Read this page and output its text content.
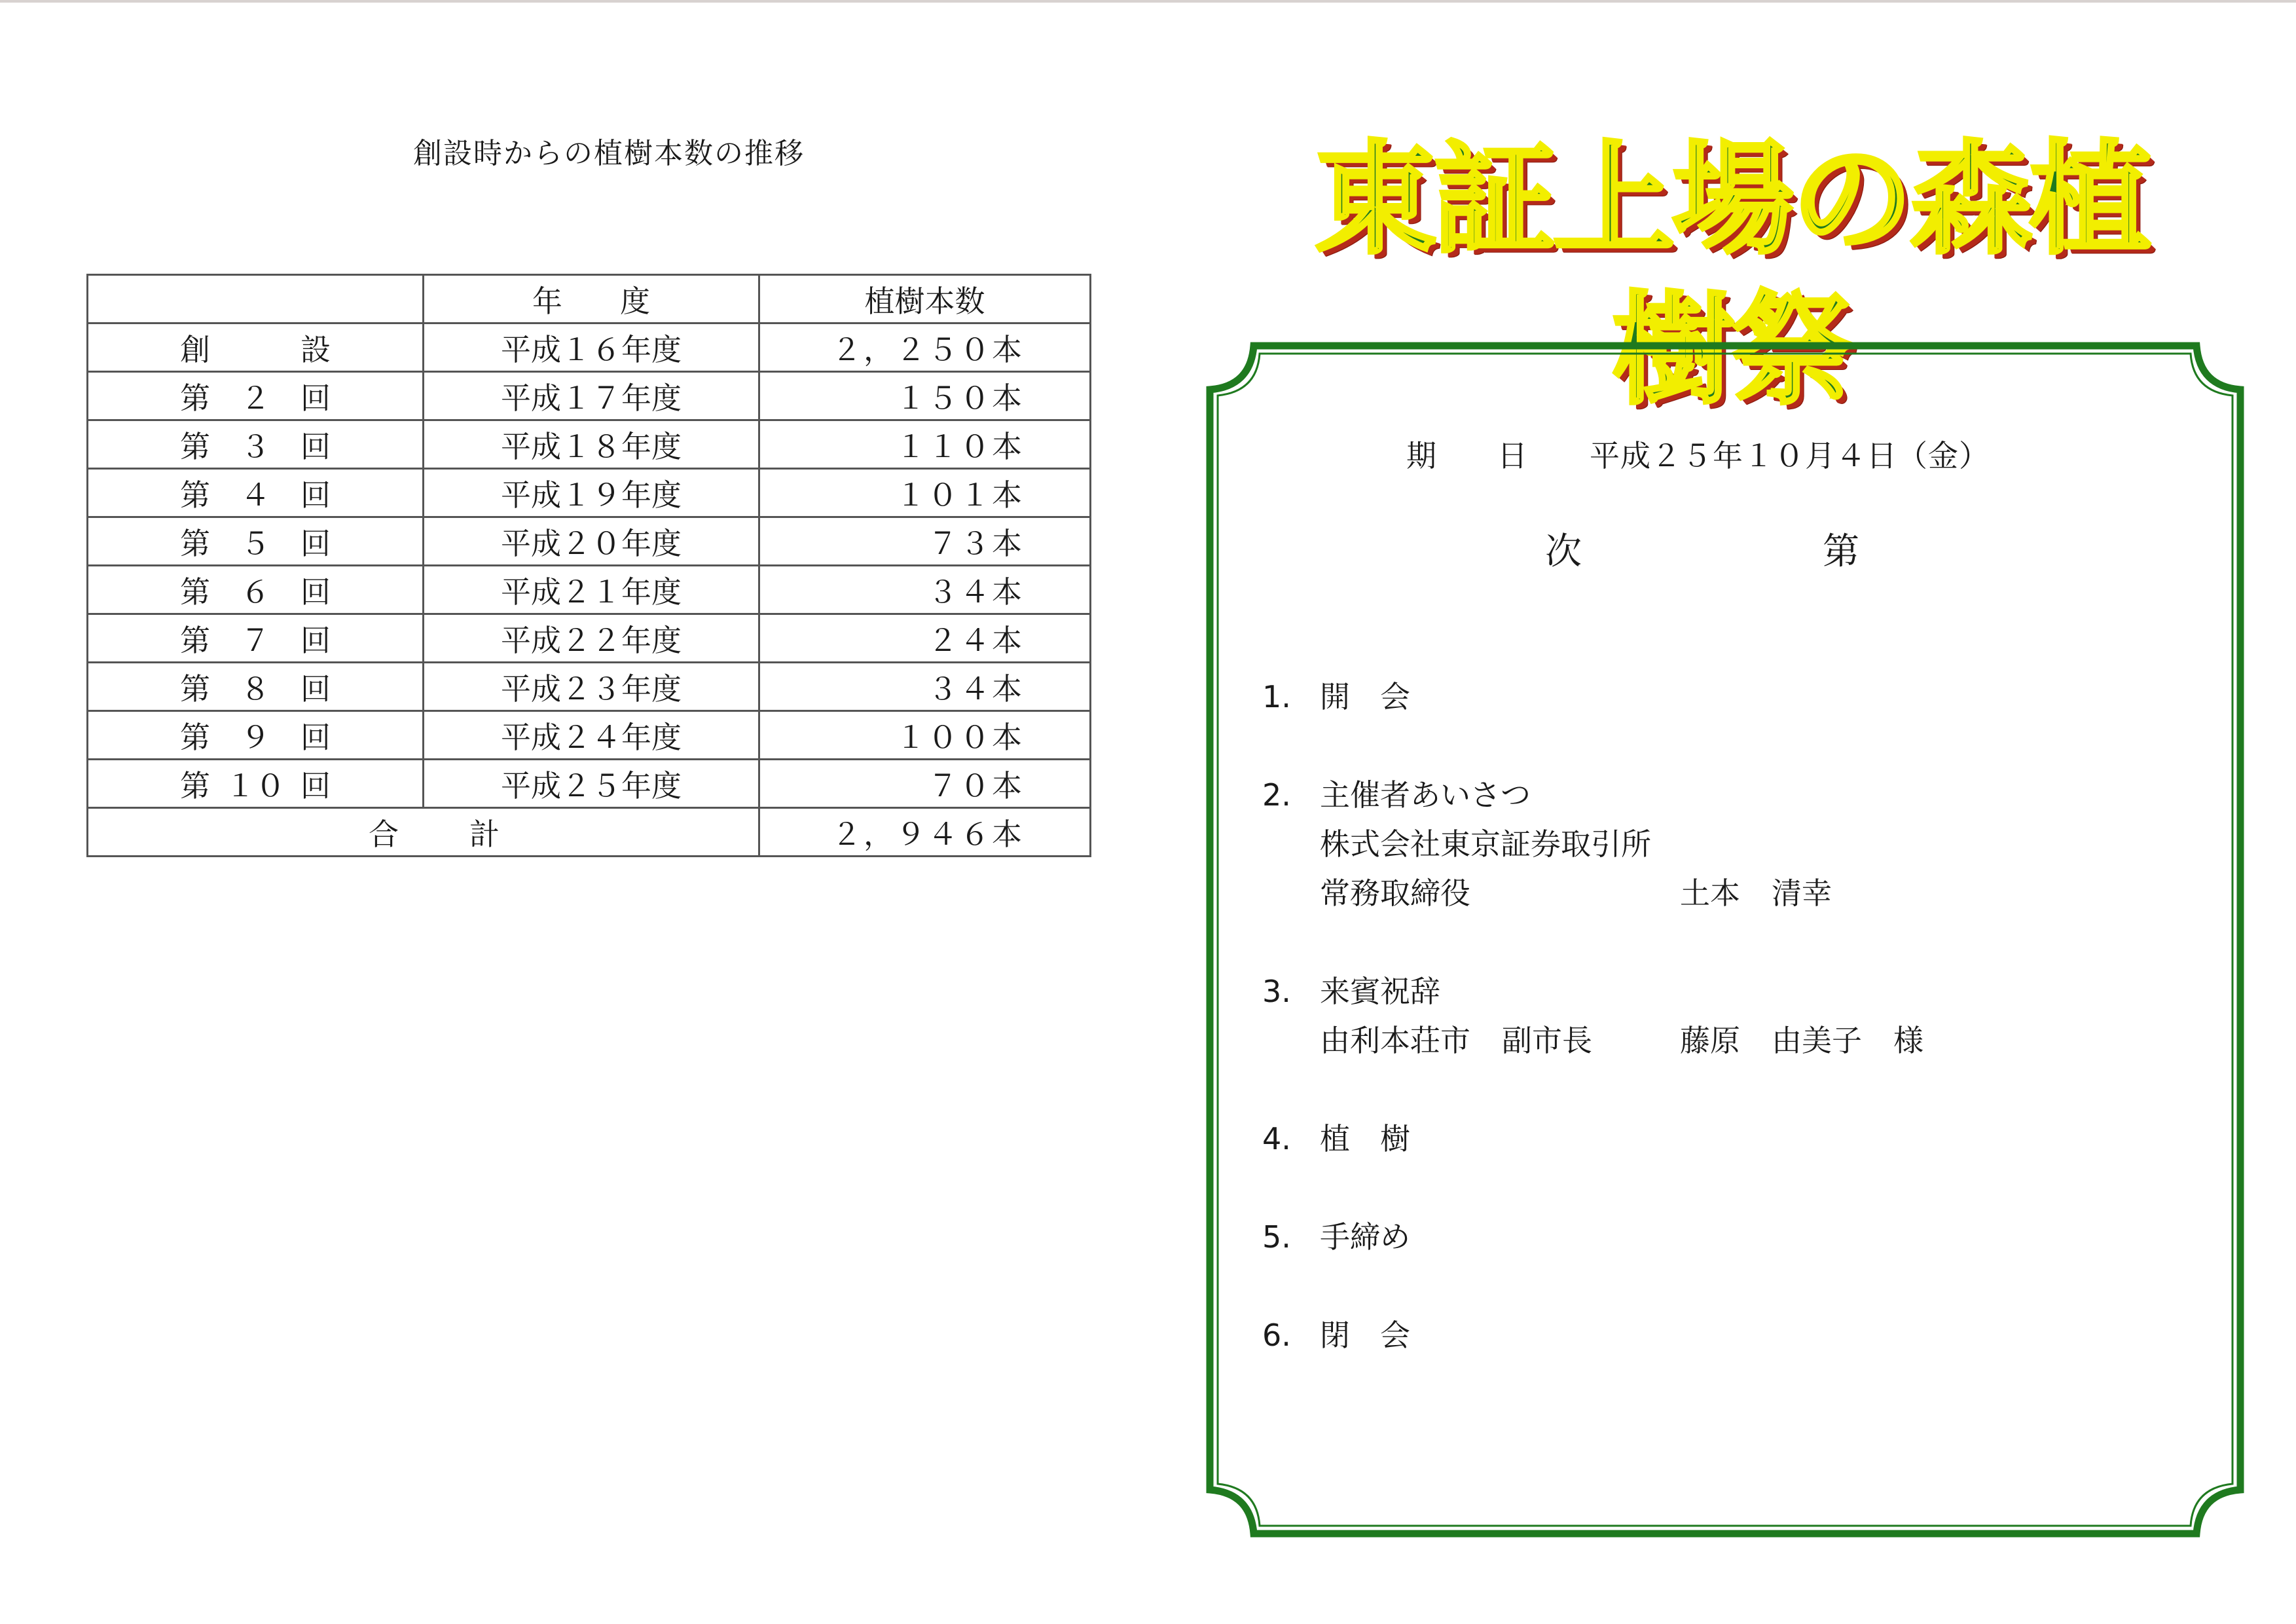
創設時からの植樹本数の推移

	年 度	植樹本数

創 設	平成１６年度	２，２５０本

第 ２ 回	平成１７年度	１５０本

第 ３ 回	平成１８年度	１１０本

第 ４ 回	平成１９年度	１０１本

第 ５ 回	平成２０年度	７３本

第 ６ 回	平成２１年度	３４本

第 ７ 回	平成２２年度	２４本

第 ８ 回	平成２３年度	３４本

第 ９ 回	平成２４年度	１００本

第 １０ 回	平成２５年度	７０本

合 計		２，９４６本
東証上場の森植樹祭
期 日 平成２５年１０月４日（金）
次	第
1. 開 会
2. 主催者あいさつ
株式会社東京証券取引所
常務取締役	土本 清幸
3. 来賓祝辞
由利本荘市 副市長	藤原 由美子 様
4. 植 樹
5. 手締め
6. 閉 会
